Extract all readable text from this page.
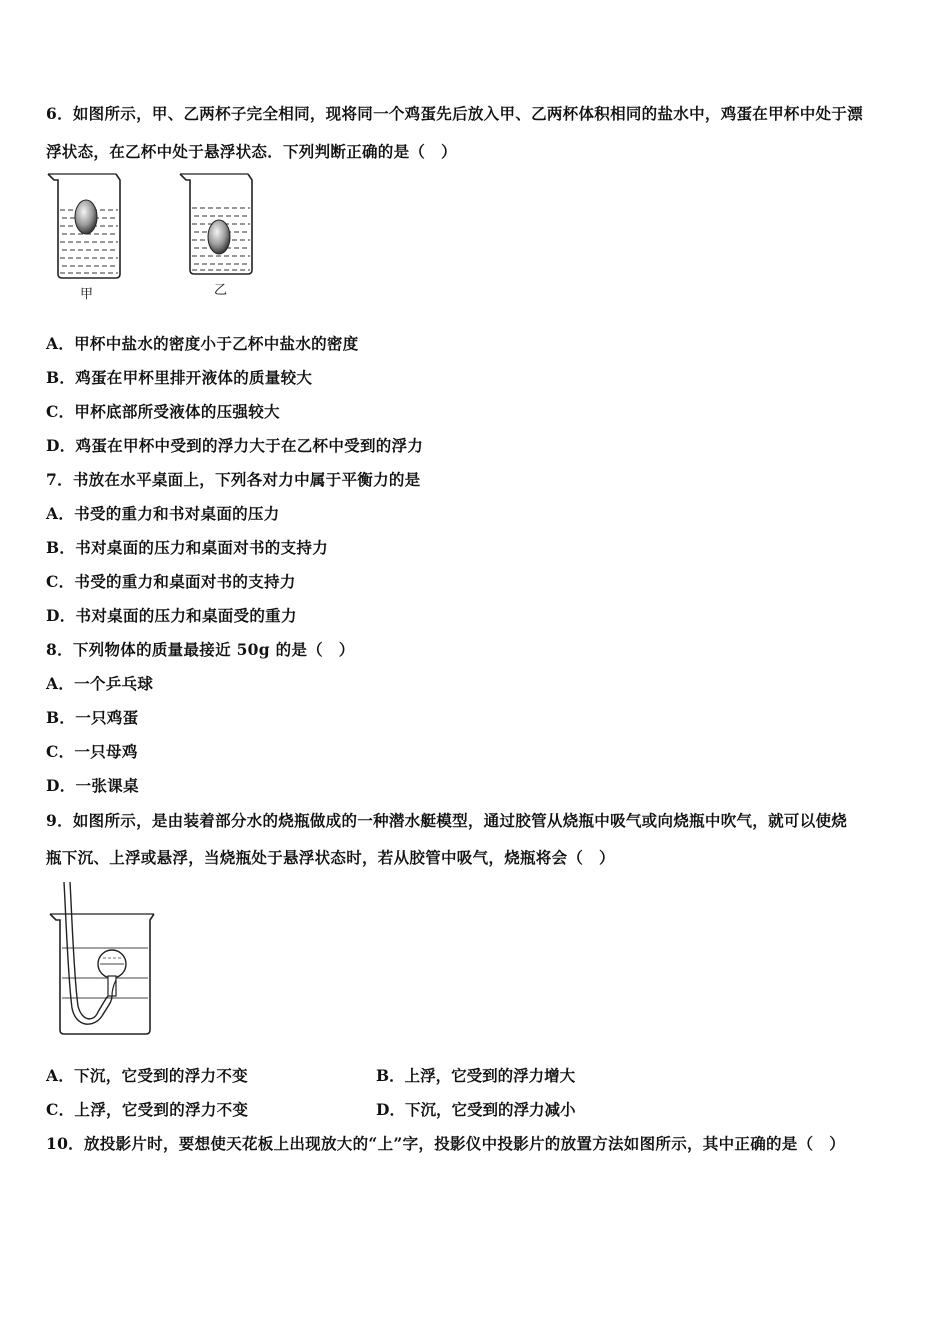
6．如图所示，甲、乙两杯子完全相同，现将同一个鸡蛋先后放入甲、乙两杯体积相同的盐水中，鸡蛋在甲杯中处于漂
浮状态，在乙杯中处于悬浮状态．下列判断正确的是（　）
甲	乙
A．甲杯中盐水的密度小于乙杯中盐水的密度
B．鸡蛋在甲杯里排开液体的质量较大
C．甲杯底部所受液体的压强较大
D．鸡蛋在甲杯中受到的浮力大于在乙杯中受到的浮力
7．书放在水平桌面上，下列各对力中属于平衡力的是
A．书受的重力和书对桌面的压力
B．书对桌面的压力和桌面对书的支持力
C．书受的重力和桌面对书的支持力
D．书对桌面的压力和桌面受的重力
8．下列物体的质量最接近 50g 的是（　）
A．一个乒乓球
B．一只鸡蛋
C．一只母鸡
D．一张课桌
9．如图所示，是由装着部分水的烧瓶做成的一种潜水艇模型，通过胶管从烧瓶中吸气或向烧瓶中吹气，就可以使烧
瓶下沉、上浮或悬浮，当烧瓶处于悬浮状态时，若从胶管中吸气，烧瓶将会（　）
A．下沉，它受到的浮力不变	B．上浮，它受到的浮力增大
C．上浮，它受到的浮力不变	D．下沉，它受到的浮力减小
10．放投影片时，要想使天花板上出现放大的“上”字，投影仪中投影片的放置方法如图所示，其中正确的是（　）
